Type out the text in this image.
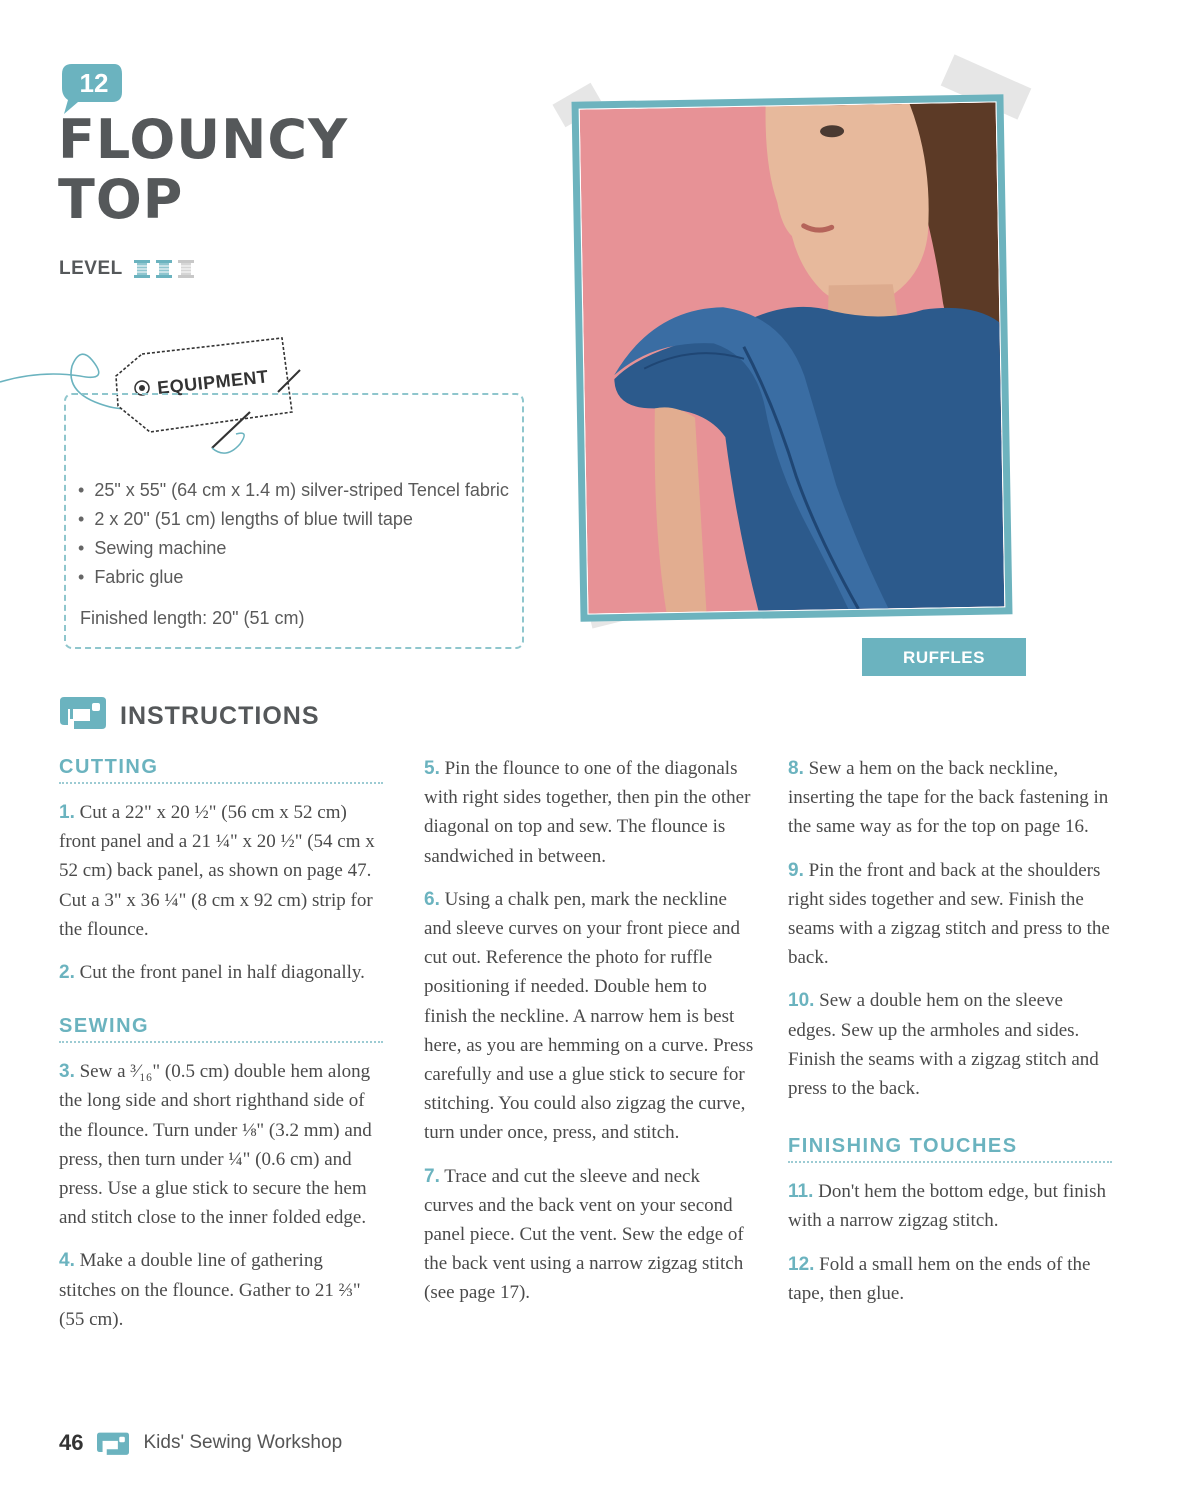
12
FLOUNCY
TOP
LEVEL
EQUIPMENT
• 25" x 55" (64 cm x 1.4 m) silver-striped Tencel fabric
• 2 x 20" (51 cm) lengths of blue twill tape
• Sewing machine
• Fabric glue
Finished length: 20" (51 cm)
RUFFLES
INSTRUCTIONS
CUTTING

1. Cut a 22" x 20 ½" (56 cm x 52 cm) front panel and a 21 ¼" x 20 ½" (54 cm x 52 cm) back panel, as shown on page 47. Cut a 3" x 36 ¼" (8 cm x 92 cm) strip for the flounce.

2. Cut the front panel in half diagonally.

SEWING

3. Sew a ³⁄₁₆" (0.5 cm) double hem along the long side and short righthand side of the flounce. Turn under ⅛" (3.2 mm) and press, then turn under ¼" (0.6 cm) and press. Use a glue stick to secure the hem and stitch close to the inner folded edge.

4. Make a double line of gathering stitches on the flounce. Gather to 21 ⅔" (55 cm).

5. Pin the flounce to one of the diagonals with right sides together, then pin the other diagonal on top and sew. The flounce is sandwiched in between.

6. Using a chalk pen, mark the neckline and sleeve curves on your front piece and cut out. Reference the photo for ruffle positioning if needed. Double hem to finish the neckline. A narrow hem is best here, as you are hemming on a curve. Press carefully and use a glue stick to secure for stitching. You could also zigzag the curve, turn under once, press, and stitch.

7. Trace and cut the sleeve and neck curves and the back vent on your second panel piece. Cut the vent. Sew the edge of the back vent using a narrow zigzag stitch (see page 17).

8. Sew a hem on the back neckline, inserting the tape for the back fastening in the same way as for the top on page 16.

9. Pin the front and back at the shoulders right sides together and sew. Finish the seams with a zigzag stitch and press to the back.

10. Sew a double hem on the sleeve edges. Sew up the armholes and sides. Finish the seams with a zigzag stitch and press to the back.

FINISHING TOUCHES

11. Don't hem the bottom edge, but finish with a narrow zigzag stitch.

12. Fold a small hem on the ends of the tape, then glue.

46	Kids' Sewing Workshop
